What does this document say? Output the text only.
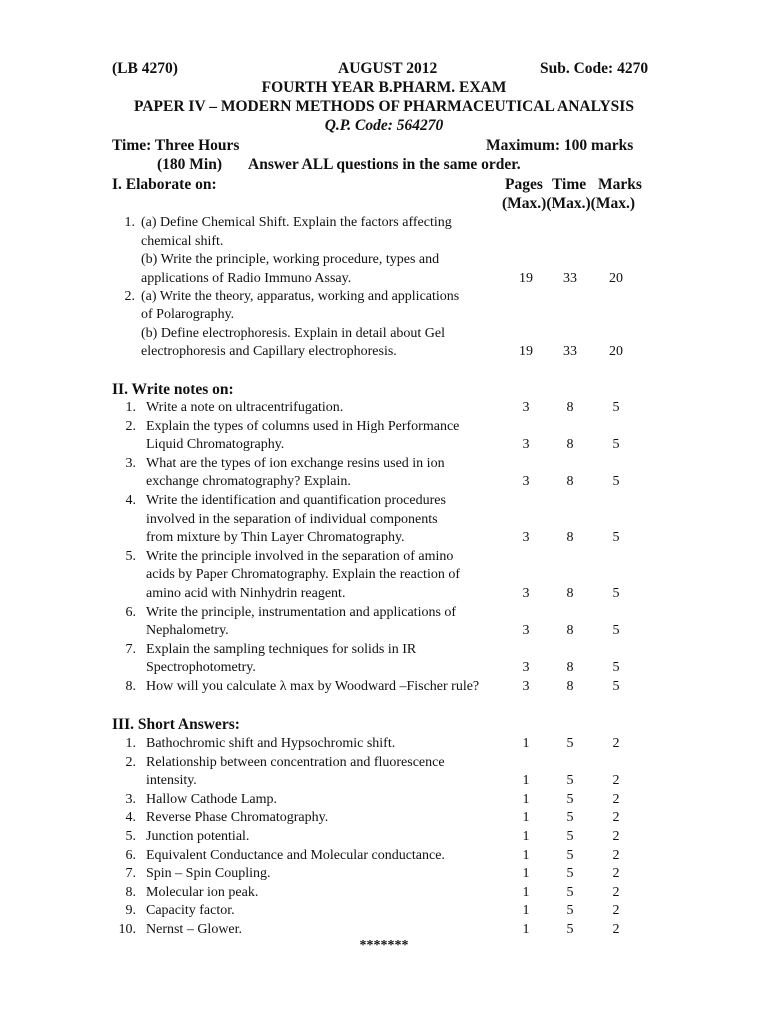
(LB 4270)	AUGUST 2012	Sub. Code: 4270
FOURTH YEAR B.PHARM. EXAM
PAPER IV – MODERN METHODS OF PHARMACEUTICAL ANALYSIS
Q.P. Code: 564270
Time: Three Hours	Maximum: 100 marks
(180 Min) Answer ALL questions in the same order.
I. Elaborate on:	Pages Time Marks
(Max.)(Max.)(Max.)
1. (a) Define Chemical Shift. Explain the factors affecting
chemical shift.
(b) Write the principle, working procedure, types and
applications of Radio Immuno Assay.	19	33	20
2. (a) Write the theory, apparatus, working and applications
of Polarography.
(b) Define electrophoresis. Explain in detail about Gel
electrophoresis and Capillary electrophoresis.	19	33	20
II. Write notes on:
1. Write a note on ultracentrifugation.	3	8	5
2. Explain the types of columns used in High Performance
Liquid Chromatography.	3	8	5
3. What are the types of ion exchange resins used in ion
exchange chromatography? Explain.	3	8	5
4. Write the identification and quantification procedures
involved in the separation of individual components
from mixture by Thin Layer Chromatography.	3	8	5
5. Write the principle involved in the separation of amino
acids by Paper Chromatography. Explain the reaction of
amino acid with Ninhydrin reagent.	3	8	5
6. Write the principle, instrumentation and applications of
Nephalometry.	3	8	5
7. Explain the sampling techniques for solids in IR
Spectrophotometry.	3	8	5
8. How will you calculate λ max by Woodward –Fischer rule?	3	8	5
III. Short Answers:
1. Bathochromic shift and Hypsochromic shift.	1	5	2
2. Relationship between concentration and fluorescence
intensity.	1	5	2
3. Hallow Cathode Lamp.	1	5	2
4. Reverse Phase Chromatography.	1	5	2
5. Junction potential.	1	5	2
6. Equivalent Conductance and Molecular conductance.	1	5	2
7. Spin – Spin Coupling.	1	5	2
8. Molecular ion peak.	1	5	2
9. Capacity factor.	1	5	2
10. Nernst – Glower.	1	5	2
*******
